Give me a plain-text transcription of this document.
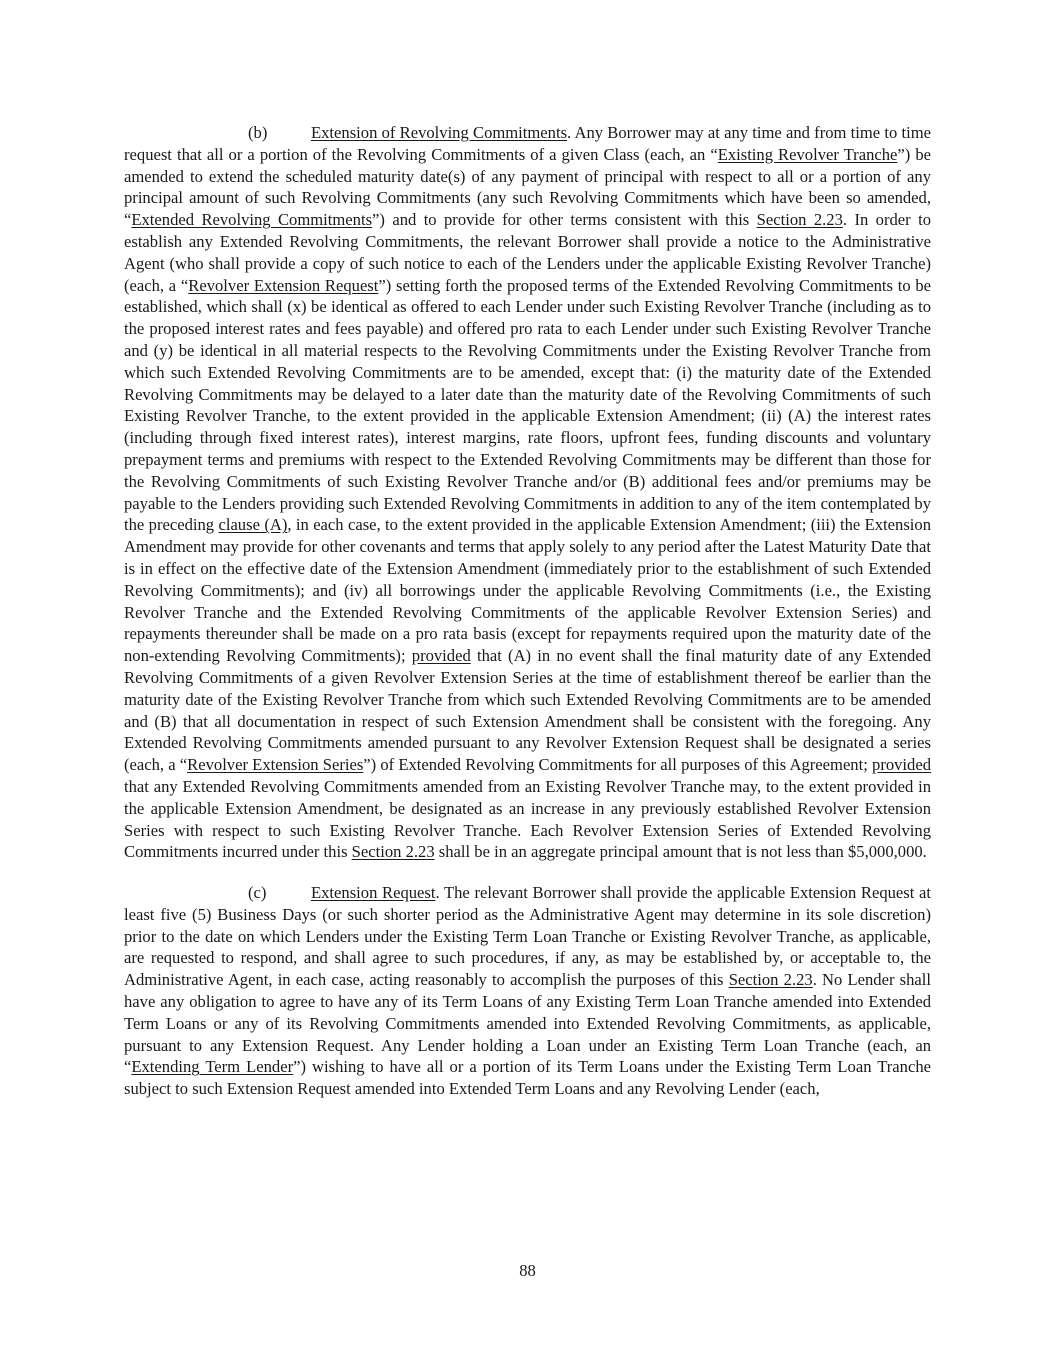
(b)	Extension of Revolving Commitments. Any Borrower may at any time and from time to time request that all or a portion of the Revolving Commitments of a given Class (each, an “Existing Revolver Tranche”) be amended to extend the scheduled maturity date(s) of any payment of principal with respect to all or a portion of any principal amount of such Revolving Commitments (any such Revolving Commitments which have been so amended, “Extended Revolving Commitments”) and to provide for other terms consistent with this Section 2.23. In order to establish any Extended Revolving Commitments, the relevant Borrower shall provide a notice to the Administrative Agent (who shall provide a copy of such notice to each of the Lenders under the applicable Existing Revolver Tranche) (each, a “Revolver Extension Request”) setting forth the proposed terms of the Extended Revolving Commitments to be established, which shall (x) be identical as offered to each Lender under such Existing Revolver Tranche (including as to the proposed interest rates and fees payable) and offered pro rata to each Lender under such Existing Revolver Tranche and (y) be identical in all material respects to the Revolving Commitments under the Existing Revolver Tranche from which such Extended Revolving Commitments are to be amended, except that: (i) the maturity date of the Extended Revolving Commitments may be delayed to a later date than the maturity date of the Revolving Commitments of such Existing Revolver Tranche, to the extent provided in the applicable Extension Amendment; (ii) (A) the interest rates (including through fixed interest rates), interest margins, rate floors, upfront fees, funding discounts and voluntary prepayment terms and premiums with respect to the Extended Revolving Commitments may be different than those for the Revolving Commitments of such Existing Revolver Tranche and/or (B) additional fees and/or premiums may be payable to the Lenders providing such Extended Revolving Commitments in addition to any of the item contemplated by the preceding clause (A), in each case, to the extent provided in the applicable Extension Amendment; (iii) the Extension Amendment may provide for other covenants and terms that apply solely to any period after the Latest Maturity Date that is in effect on the effective date of the Extension Amendment (immediately prior to the establishment of such Extended Revolving Commitments); and (iv) all borrowings under the applicable Revolving Commitments (i.e., the Existing Revolver Tranche and the Extended Revolving Commitments of the applicable Revolver Extension Series) and repayments thereunder shall be made on a pro rata basis (except for repayments required upon the maturity date of the non-extending Revolving Commitments); provided that (A) in no event shall the final maturity date of any Extended Revolving Commitments of a given Revolver Extension Series at the time of establishment thereof be earlier than the maturity date of the Existing Revolver Tranche from which such Extended Revolving Commitments are to be amended and (B) that all documentation in respect of such Extension Amendment shall be consistent with the foregoing. Any Extended Revolving Commitments amended pursuant to any Revolver Extension Request shall be designated a series (each, a “Revolver Extension Series”) of Extended Revolving Commitments for all purposes of this Agreement; provided that any Extended Revolving Commitments amended from an Existing Revolver Tranche may, to the extent provided in the applicable Extension Amendment, be designated as an increase in any previously established Revolver Extension Series with respect to such Existing Revolver Tranche. Each Revolver Extension Series of Extended Revolving Commitments incurred under this Section 2.23 shall be in an aggregate principal amount that is not less than $5,000,000.

(c)	Extension Request. The relevant Borrower shall provide the applicable Extension Request at least five (5) Business Days (or such shorter period as the Administrative Agent may determine in its sole discretion) prior to the date on which Lenders under the Existing Term Loan Tranche or Existing Revolver Tranche, as applicable, are requested to respond, and shall agree to such procedures, if any, as may be established by, or acceptable to, the Administrative Agent, in each case, acting reasonably to accomplish the purposes of this Section 2.23. No Lender shall have any obligation to agree to have any of its Term Loans of any Existing Term Loan Tranche amended into Extended Term Loans or any of its Revolving Commitments amended into Extended Revolving Commitments, as applicable, pursuant to any Extension Request. Any Lender holding a Loan under an Existing Term Loan Tranche (each, an “Extending Term Lender”) wishing to have all or a portion of its Term Loans under the Existing Term Loan Tranche subject to such Extension Request amended into Extended Term Loans and any Revolving Lender (each,

88
